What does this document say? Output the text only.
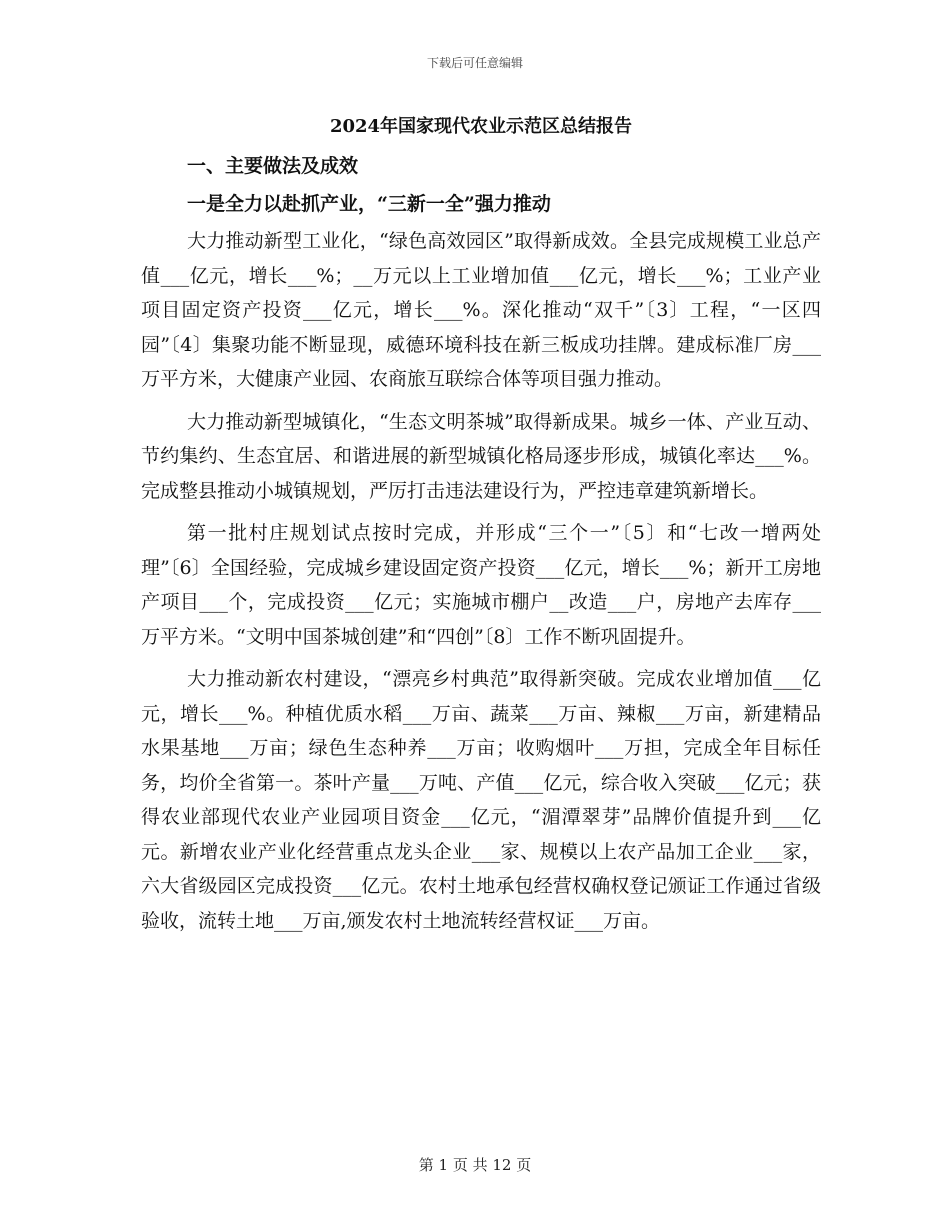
下载后可任意编辑
2024年国家现代农业示范区总结报告
一、主要做法及成效
一是全力以赴抓产业，“三新一全”强力推动

大力推动新型工业化，“绿色高效园区”取得新成效。全县完成规模工业总产值___亿元，增长___%；__万元以上工业增加值___亿元，增长___%；工业产业项目固定资产投资___亿元，增长___%。深化推动“双千”〔3〕工程，“一区四园”〔4〕集聚功能不断显现，威德环境科技在新三板成功挂牌。建成标准厂房___万平方米，大健康产业园、农商旅互联综合体等项目强力推动。

大力推动新型城镇化，“生态文明茶城”取得新成果。城乡一体、产业互动、节约集约、生态宜居、和谐进展的新型城镇化格局逐步形成，城镇化率达___%。完成整县推动小城镇规划，严厉打击违法建设行为，严控违章建筑新增长。

第一批村庄规划试点按时完成，并形成“三个一”〔5〕和“七改一增两处理”〔6〕全国经验，完成城乡建设固定资产投资___亿元，增长___%；新开工房地产项目___个，完成投资___亿元；实施城市棚户__改造___户，房地产去库存___万平方米。“文明中国茶城创建”和“四创”〔8〕工作不断巩固提升。

大力推动新农村建设，“漂亮乡村典范”取得新突破。完成农业增加值___亿元，增长___%。种植优质水稻___万亩、蔬菜___万亩、辣椒___万亩，新建精品水果基地___万亩；绿色生态种养___万亩；收购烟叶___万担，完成全年目标任务，均价全省第一。茶叶产量___万吨、产值___亿元，综合收入突破___亿元；获得农业部现代农业产业园项目资金___亿元，“湄潭翠芽”品牌价值提升到___亿元。新增农业产业化经营重点龙头企业___家、规模以上农产品加工企业___家，六大省级园区完成投资___亿元。农村土地承包经营权确权登记颁证工作通过省级验收，流转土地___万亩,颁发农村土地流转经营权证___万亩。

第 1 页 共 12 页
